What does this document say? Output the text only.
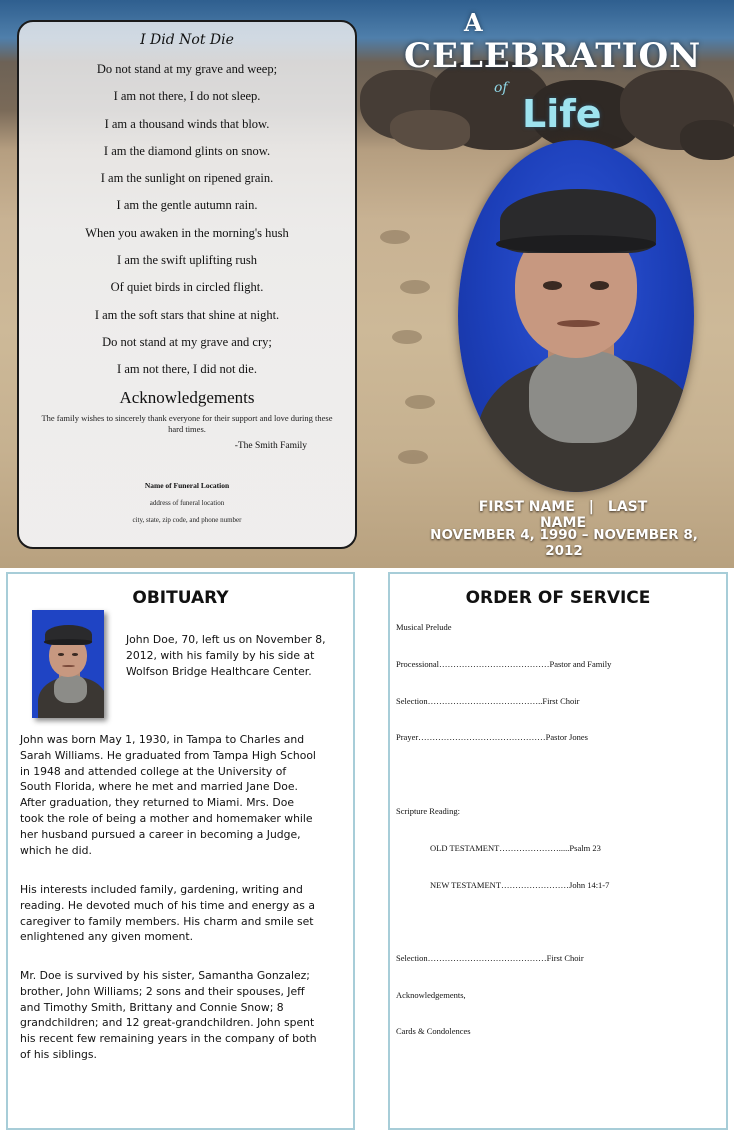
A
CELEBRATION
of
Life
FIRST NAME | LAST NAME
NOVEMBER 4, 1990 – NOVEMBER 8, 2012
I Did Not Die
Do not stand at my grave and weep;
I am not there, I do not sleep.
I am a thousand winds that blow.
I am the diamond glints on snow.
I am the sunlight on ripened grain.
I am the gentle autumn rain.
When you awaken in the morning's hush
I am the swift uplifting rush
Of quiet birds in circled flight.
I am the soft stars that shine at night.
Do not stand at my grave and cry;
I am not there, I did not die.
Acknowledgements
The family wishes to sincerely thank everyone for their support and love during these hard times.
-The Smith Family
Name of Funeral Location
address of funeral location
city, state, zip code, and phone number
OBITUARY
John Doe, 70, left us on November 8, 2012, with his family by his side at Wolfson Bridge Healthcare Center.
John was born May 1, 1930, in Tampa to Charles and Sarah Williams. He graduated from Tampa High School in 1948 and attended college at the University of South Florida, where he met and married Jane Doe. After graduation, they returned to Miami. Mrs. Doe took the role of being a mother and homemaker while her husband pursued a career in becoming a Judge, which he did.
His interests included family, gardening, writing and reading. He devoted much of his time and energy as a caregiver to family members. His charm and smile set enlightened any given moment.
Mr. Doe is survived by his sister, Samantha Gonzalez; brother, John Williams; 2 sons and their spouses, Jeff and Timothy Smith, Brittany and Connie Snow; 8 grandchildren; and 12 great-grandchildren. John spent his recent few remaining years in the company of both of his siblings.
ORDER OF SERVICE
Musical Prelude
Processional…………………………………Pastor and Family
Selection…………………………………..First Choir
Prayer………………………………………Pastor Jones
Scripture Reading:
OLD TESTAMENT………………….....Psalm 23
NEW TESTAMENT……………………John 14:1-7
Selection……………………………………First Choir
Acknowledgements,
Cards & Condolences
